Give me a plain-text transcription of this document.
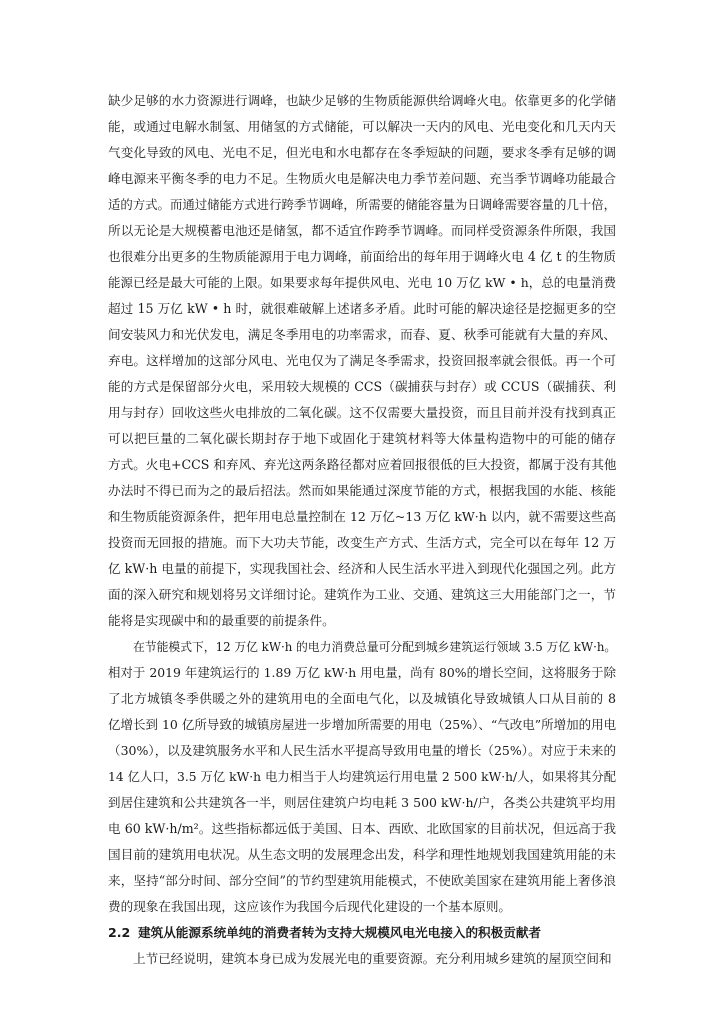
缺少足够的水力资源进行调峰，也缺少足够的生物质能源供给调峰火电。依靠更多的化学储
能，或通过电解水制氢、用储氢的方式储能，可以解决一天内的风电、光电变化和几天内天
气变化导致的风电、光电不足，但光电和水电都存在冬季短缺的问题，要求冬季有足够的调
峰电源来平衡冬季的电力不足。生物质火电是解决电力季节差问题、充当季节调峰功能最合
适的方式。而通过储能方式进行跨季节调峰，所需要的储能容量为日调峰需要容量的几十倍，
所以无论是大规模蓄电池还是储氢，都不适宜作跨季节调峰。而同样受资源条件所限，我国
也很难分出更多的生物质能源用于电力调峰，前面给出的每年用于调峰火电 4 亿 t 的生物质
能源已经是最大可能的上限。如果要求每年提供风电、光电 10 万亿 kW • h，总的电量消费
超过 15 万亿 kW • h 时，就很难破解上述诸多矛盾。此时可能的解决途径是挖掘更多的空
间安装风力和光伏发电，满足冬季用电的功率需求，而春、夏、秋季可能就有大量的弃风、
弃电。这样增加的这部分风电、光电仅为了满足冬季需求，投资回报率就会很低。再一个可
能的方式是保留部分火电，采用较大规模的 CCS（碳捕获与封存）或 CCUS（碳捕获、利
用与封存）回收这些火电排放的二氧化碳。这不仅需要大量投资，而且目前并没有找到真正
可以把巨量的二氧化碳长期封存于地下或固化于建筑材料等大体量构造物中的可能的储存
方式。火电+CCS 和弃风、弃光这两条路径都对应着回报很低的巨大投资，都属于没有其他
办法时不得已而为之的最后招法。然而如果能通过深度节能的方式，根据我国的水能、核能
和生物质能资源条件，把年用电总量控制在 12 万亿~13 万亿 kW·h 以内，就不需要这些高
投资而无回报的措施。而下大功夫节能，改变生产方式、生活方式，完全可以在每年 12 万
亿 kW·h 电量的前提下，实现我国社会、经济和人民生活水平进入到现代化强国之列。此方
面的深入研究和规划将另文详细讨论。建筑作为工业、交通、建筑这三大用能部门之一，节
能将是实现碳中和的最重要的前提条件。
在节能模式下，12 万亿 kW·h 的电力消费总量可分配到城乡建筑运行领域 3.5 万亿 kW·h。
相对于 2019 年建筑运行的 1.89 万亿 kW·h 用电量，尚有 80%的增长空间，这将服务于除
了北方城镇冬季供暖之外的建筑用电的全面电气化，以及城镇化导致城镇人口从目前的 8
亿增长到 10 亿所导致的城镇房屋进一步增加所需要的用电（25%）、“气改电”所增加的用电
（30%），以及建筑服务水平和人民生活水平提高导致用电量的增长（25%）。对应于未来的
14 亿人口，3.5 万亿 kW·h 电力相当于人均建筑运行用电量 2 500 kW·h/人，如果将其分配
到居住建筑和公共建筑各一半，则居住建筑户均电耗 3 500 kW·h/户，各类公共建筑平均用
电 60 kW·h/m²。这些指标都远低于美国、日本、西欧、北欧国家的目前状况，但远高于我
国目前的建筑用电状况。从生态文明的发展理念出发，科学和理性地规划我国建筑用能的未
来，坚持“部分时间、部分空间”的节约型建筑用能模式，不使欧美国家在建筑用能上奢侈浪
费的现象在我国出现，这应该作为我国今后现代化建设的一个基本原则。
2.2 建筑从能源系统单纯的消费者转为支持大规模风电光电接入的积极贡献者
上节已经说明，建筑本身已成为发展光电的重要资源。充分利用城乡建筑的屋顶空间和
